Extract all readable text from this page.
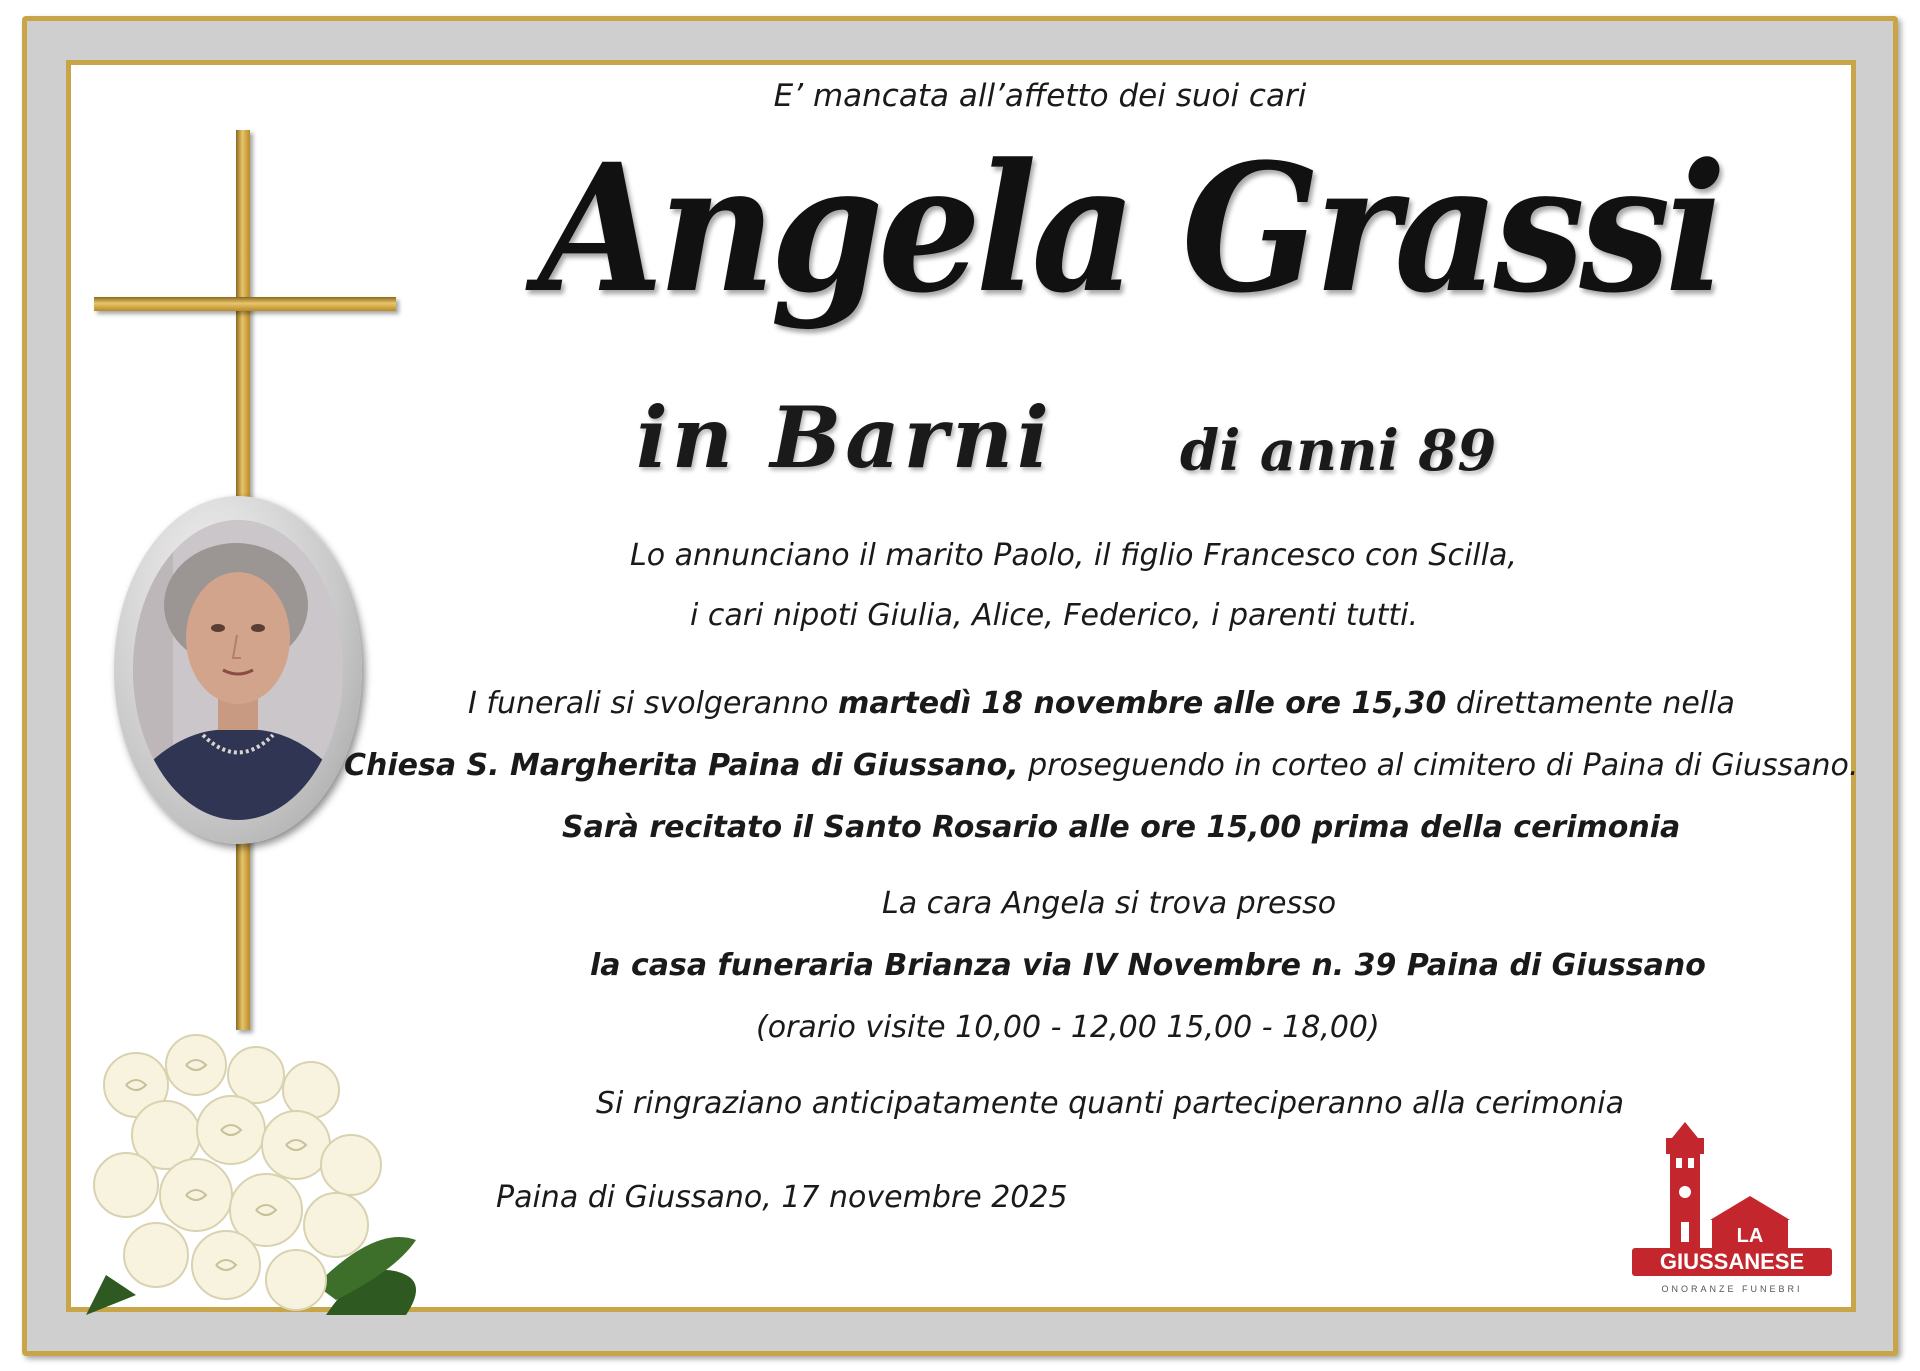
E’ mancata all’affetto dei suoi cari
Angela Grassi
in Barni di anni 89
Lo annunciano il marito Paolo, il figlio Francesco con Scilla,
i cari nipoti Giulia, Alice, Federico, i parenti tutti.
I funerali si svolgeranno martedì 18 novembre alle ore 15,30 direttamente nella
Chiesa S. Margherita Paina di Giussano, proseguendo in corteo al cimitero di Paina di Giussano.
Sarà recitato il Santo Rosario alle ore 15,00 prima della cerimonia
La cara Angela si trova presso
la casa funeraria Brianza via IV Novembre n. 39 Paina di Giussano
(orario visite 10,00 - 12,00 15,00 - 18,00)
Si ringraziano anticipatamente quanti parteciperanno alla cerimonia
Paina di Giussano, 17 novembre 2025
LA
GIUSSANESE
ONORANZE FUNEBRI
